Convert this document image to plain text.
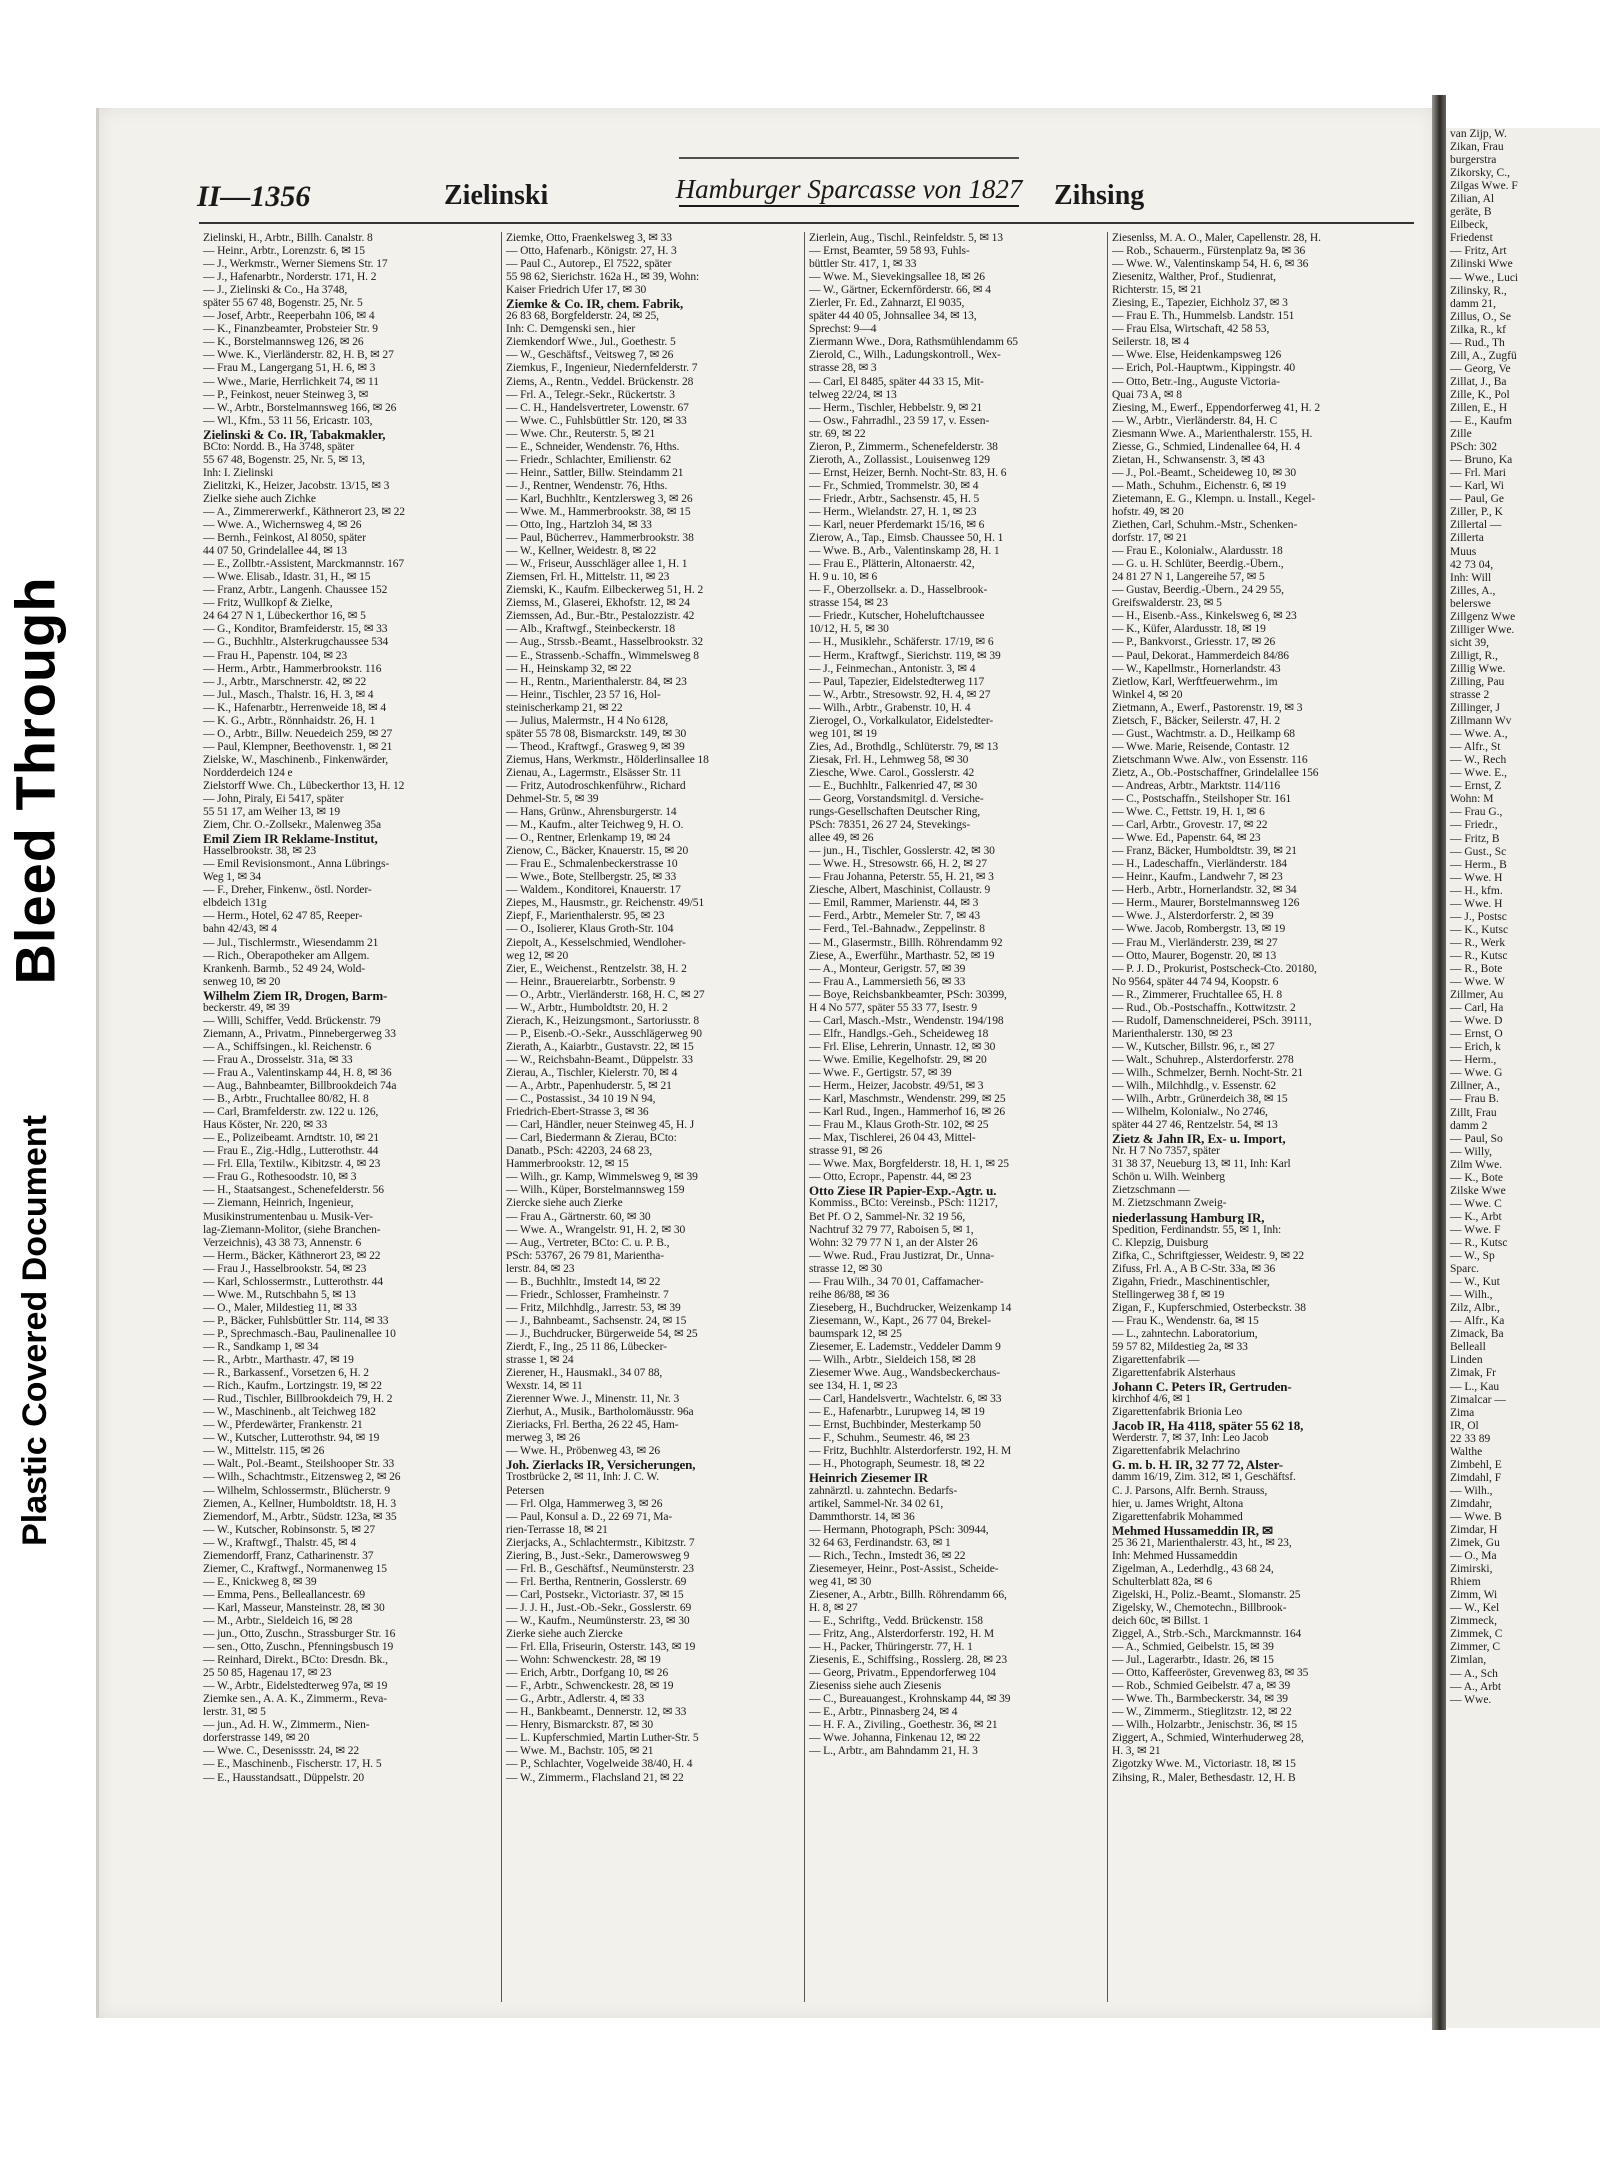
Bleed Through
Plastic Covered Document
II—1356	Zielinski	Hamburger Sparcasse von 1827 Zihsing

Zielinski, H., Arbtr., Billh. Canalstr. 8

— Heinr., Arbtr., Lorenzstr. 6, ✉ 15

— J., Werkmstr., Werner Siemens Str. 17

— J., Hafenarbtr., Norderstr. 171, H. 2

— J., Zielinski & Co., Ha 3748,

später 55 67 48, Bogenstr. 25, Nr. 5

— Josef, Arbtr., Reeperbahn 106, ✉ 4

— K., Finanzbeamter, Probsteier Str. 9

— K., Borstelmannsweg 126, ✉ 26

— Wwe. K., Vierländerstr. 82, H. B, ✉ 27

— Frau M., Langergang 51, H. 6, ✉ 3

— Wwe., Marie, Herrlichkeit 74, ✉ 11

— P., Feinkost, neuer Steinweg 3, ✉

— W., Arbtr., Borstelmannsweg 166, ✉ 26

— Wl., Kfm., 53 11 56, Ericastr. 103,

Zielinski & Co. IR, Tabakmakler,

BCto: Nordd. B., Ha 3748, später

55 67 48, Bogenstr. 25, Nr. 5, ✉ 13,

Inh: I. Zielinski

Zielitzki, K., Heizer, Jacobstr. 13/15, ✉ 3

Zielke siehe auch Zichke

— A., Zimmererwerkf., Käthnerort 23, ✉ 22

— Wwe. A., Wichernsweg 4, ✉ 26

— Bernh., Feinkost, Al 8050, später

44 07 50, Grindelallee 44, ✉ 13

— E., Zollbtr.-Assistent, Marckmannstr. 167

— Wwe. Elisab., Idastr. 31, H., ✉ 15

— Franz, Arbtr., Langenh. Chaussee 152

— Fritz, Wullkopf & Zielke,

24 64 27 N 1, Lübeckerthor 16, ✉ 5

— G., Konditor, Bramfeiderstr. 15, ✉ 33

— G., Buchhltr., Alsterkrugchaussee 534

— Frau H., Papenstr. 104, ✉ 23

— Herm., Arbtr., Hammerbrookstr. 116

— J., Arbtr., Marschnerstr. 42, ✉ 22

— Jul., Masch., Thalstr. 16, H. 3, ✉ 4

— K., Hafenarbtr., Herrenweide 18, ✉ 4

— K. G., Arbtr., Rönnhaidstr. 26, H. 1

— O., Arbtr., Billw. Neuedeich 259, ✉ 27

— Paul, Klempner, Beethovenstr. 1, ✉ 21

Zielske, W., Maschinenb., Finkenwärder,

Nordderdeich 124 e

Zielstorff Wwe. Ch., Lübeckerthor 13, H. 12

— John, Piraly, Ei 5417, später

55 51 17, am Weiher 13, ✉ 19

Ziem, Chr. O.-Zollsekr., Malenweg 35a

Emil Ziem IR Reklame-Institut,

Hasselbrookstr. 38, ✉ 23

— Emil Revisionsmont., Anna Lübrings-

Weg 1, ✉ 34

— F., Dreher, Finkenw., östl. Norder-

elbdeich 131g

— Herm., Hotel, 62 47 85, Reeper-

bahn 42/43, ✉ 4

— Jul., Tischlermstr., Wiesendamm 21

— Rich., Oberapotheker am Allgem.

Krankenh. Barmb., 52 49 24, Wold-

senweg 10, ✉ 20

Wilhelm Ziem IR, Drogen, Barm-

beckerstr. 49, ✉ 39

— Willi, Schiffer, Vedd. Brückenstr. 79

Ziemann, A., Privatm., Pinnebergerweg 33

— A., Schiffsingen., kl. Reichenstr. 6

— Frau A., Drosselstr. 31a, ✉ 33

— Frau A., Valentinskamp 44, H. 8, ✉ 36

— Aug., Bahnbeamter, Billbrookdeich 74a

— B., Arbtr., Fruchtallee 80/82, H. 8

— Carl, Bramfelderstr. zw. 122 u. 126,

Haus Köster, Nr. 220, ✉ 33

— E., Polizeibeamt. Arndtstr. 10, ✉ 21

— Frau E., Zig.-Hdlg., Lutterothstr. 44

— Frl. Ella, Textilw., Kibitzstr. 4, ✉ 23

— Frau G., Rothesoodstr. 10, ✉ 3

— H., Staatsangest., Schenefelderstr. 56

— Ziemann, Heinrich, Ingenieur,

Musikinstrumentenbau u. Musik-Ver-

lag-Ziemann-Molitor, (siehe Branchen-

Verzeichnis), 43 38 73, Annenstr. 6

— Herm., Bäcker, Käthnerort 23, ✉ 22

— Frau J., Hasselbrookstr. 54, ✉ 23

— Karl, Schlossermstr., Lutterothstr. 44

— Wwe. M., Rutschbahn 5, ✉ 13

— O., Maler, Mildestieg 11, ✉ 33

— P., Bäcker, Fuhlsbüttler Str. 114, ✉ 33

— P., Sprechmasch.-Bau, Paulinenallee 10

— R., Sandkamp 1, ✉ 34

— R., Arbtr., Marthastr. 47, ✉ 19

— R., Barkassenf., Vorsetzen 6, H. 2

— Rich., Kaufm., Lortzingstr. 19, ✉ 22

— Rud., Tischler, Billbrookdeich 79, H. 2

— W., Maschinenb., alt Teichweg 182

— W., Pferdewärter, Frankenstr. 21

— W., Kutscher, Lutterothstr. 94, ✉ 19

— W., Mittelstr. 115, ✉ 26

— Walt., Pol.-Beamt., Steilshooper Str. 33

— Wilh., Schachtmstr., Eitzensweg 2, ✉ 26

— Wilhelm, Schlossermstr., Blücherstr. 9

Ziemen, A., Kellner, Humboldtstr. 18, H. 3

Ziemendorf, M., Arbtr., Südstr. 123a, ✉ 35

— W., Kutscher, Robinsonstr. 5, ✉ 27

— W., Kraftwgf., Thalstr. 45, ✉ 4

Ziemendorff, Franz, Catharinenstr. 37

Ziemer, C., Kraftwgf., Normanenweg 15

— E., Knickweg 8, ✉ 39

— Emma, Pens., Belleallancestr. 69

— Karl, Masseur, Mansteinstr. 28, ✉ 30

— M., Arbtr., Sieldeich 16, ✉ 28

— jun., Otto, Zuschn., Strassburger Str. 16

— sen., Otto, Zuschn., Pfenningsbusch 19

— Reinhard, Direkt., BCto: Dresdn. Bk.,

25 50 85, Hagenau 17, ✉ 23

— W., Arbtr., Eidelstedterweg 97a, ✉ 19

Ziemke sen., A. A. K., Zimmerm., Reva-

lerstr. 31, ✉ 5

— jun., Ad. H. W., Zimmerm., Nien-

dorferstrasse 149, ✉ 20

— Wwe. C., Desenissstr. 24, ✉ 22

— E., Maschinenb., Fischerstr. 17, H. 5

— E., Hausstandsatt., Düppelstr. 20

Ziemke, Otto, Fraenkelsweg 3, ✉ 33

— Otto, Hafenarb., Königstr. 27, H. 3

— Paul C., Autorep., El 7522, später

55 98 62, Sierichstr. 162a H., ✉ 39, Wohn:

Kaiser Friedrich Ufer 17, ✉ 30

Ziemke & Co. IR, chem. Fabrik,

26 83 68, Borgfelderstr. 24, ✉ 25,

Inh: C. Demgenski sen., hier

Ziemkendorf Wwe., Jul., Goethestr. 5

— W., Geschäftsf., Veitsweg 7, ✉ 26

Ziemkus, F., Ingenieur, Niedernfelderstr. 7

Ziems, A., Rentn., Veddel. Brückenstr. 28

— Frl. A., Telegr.-Sekr., Rückertstr. 3

— C. H., Handelsvertreter, Lowenstr. 67

— Wwe. C., Fuhlsbüttler Str. 120, ✉ 33

— Wwe. Chr., Reuterstr. 5, ✉ 21

— E., Schneider, Wendenstr. 76, Hths.

— Friedr., Schlachter, Emilienstr. 62

— Heinr., Sattler, Billw. Steindamm 21

— J., Rentner, Wendenstr. 76, Hths.

— Karl, Buchhltr., Kentzlersweg 3, ✉ 26

— Wwe. M., Hammerbrookstr. 38, ✉ 15

— Otto, Ing., Hartzloh 34, ✉ 33

— Paul, Bücherrev., Hammerbrookstr. 38

— W., Kellner, Weidestr. 8, ✉ 22

— W., Friseur, Ausschläger allee 1, H. 1

Ziemsen, Frl. H., Mittelstr. 11, ✉ 23

Ziemski, K., Kaufm. Eilbeckerweg 51, H. 2

Ziemss, M., Glaserei, Ekhofstr. 12, ✉ 24

Ziemssen, Ad., Bur.-Btr., Pestalozzistr. 42

— Alb., Kraftwgf., Steinbeckerstr. 18

— Aug., Strssb.-Beamt., Hasselbrookstr. 32

— E., Strassenb.-Schaffn., Wimmelsweg 8

— H., Heinskamp 32, ✉ 22

— H., Rentn., Marienthalerstr. 84, ✉ 23

— Heinr., Tischler, 23 57 16, Hol-

steinischerkamp 21, ✉ 22

— Julius, Malermstr., H 4 No 6128,

später 55 78 08, Bismarckstr. 149, ✉ 30

— Theod., Kraftwgf., Grasweg 9, ✉ 39

Ziemus, Hans, Werkmstr., Hölderlinsallee 18

Zienau, A., Lagermstr., Elsässer Str. 11

— Fritz, Autodroschkenführw., Richard

Dehmel-Str. 5, ✉ 39

— Hans, Grünw., Ahrensburgerstr. 14

— M., Kaufm., alter Teichweg 9, H. O.

— O., Rentner, Erlenkamp 19, ✉ 24

Zienow, C., Bäcker, Knauerstr. 15, ✉ 20

— Frau E., Schmalenbeckerstrasse 10

— Wwe., Bote, Stellbergstr. 25, ✉ 33

— Waldem., Konditorei, Knauerstr. 17

Ziepes, M., Hausmstr., gr. Reichenstr. 49/51

Ziepf, F., Marienthalerstr. 95, ✉ 23

— O., Isolierer, Klaus Groth-Str. 104

Ziepolt, A., Kesselschmied, Wendloher-

weg 12, ✉ 20

Zier, E., Weichenst., Rentzelstr. 38, H. 2

— Heinr., Brauereiarbtr., Sorbenstr. 9

— O., Arbtr., Vierländerstr. 168, H. C, ✉ 27

— W., Arbtr., Humboldtstr. 20, H. 2

Zierach, K., Heizungsmont., Sartoriusstr. 8

— P., Eisenb.-O.-Sekr., Ausschlägerweg 90

Zierath, A., Kaiarbtr., Gustavstr. 22, ✉ 15

— W., Reichsbahn-Beamt., Düppelstr. 33

Zierau, A., Tischler, Kielerstr. 70, ✉ 4

— A., Arbtr., Papenhuderstr. 5, ✉ 21

— C., Postassist., 34 10 19 N 94,

Friedrich-Ebert-Strasse 3, ✉ 36

— Carl, Händler, neuer Steinweg 45, H. J

— Carl, Biedermann & Zierau, BCto:

Danatb., PSch: 42203, 24 68 23,

Hammerbrookstr. 12, ✉ 15

— Wilh., gr. Kamp, Wimmelsweg 9, ✉ 39

— Wilh., Küper, Borstelmannsweg 159

Ziercke siehe auch Zierke

— Frau A., Gärtnerstr. 60, ✉ 30

— Wwe. A., Wrangelstr. 91, H. 2, ✉ 30

— Aug., Vertreter, BCto: C. u. P. B.,

PSch: 53767, 26 79 81, Marientha-

lerstr. 84, ✉ 23

— B., Buchhltr., Imstedt 14, ✉ 22

— Friedr., Schlosser, Framheinstr. 7

— Fritz, Milchhdlg., Jarrestr. 53, ✉ 39

— J., Bahnbeamt., Sachsenstr. 24, ✉ 15

— J., Buchdrucker, Bürgerweide 54, ✉ 25

Zierdt, F., Ing., 25 11 86, Lübecker-

strasse 1, ✉ 24

Zierener, H., Hausmakl., 34 07 88,

Wexstr. 14, ✉ 11

Zierenner Wwe. J., Minenstr. 11, Nr. 3

Zierhut, A., Musik., Bartholomäusstr. 96a

Zieriacks, Frl. Bertha, 26 22 45, Ham-

merweg 3, ✉ 26

— Wwe. H., Pröbenweg 43, ✉ 26

Joh. Zierlacks IR, Versicherungen,

Trostbrücke 2, ✉ 11, Inh: J. C. W.

Petersen

— Frl. Olga, Hammerweg 3, ✉ 26

— Paul, Konsul a. D., 22 69 71, Ma-

rien-Terrasse 18, ✉ 21

Zierjacks, A., Schlachtermstr., Kibitzstr. 7

Ziering, B., Just.-Sekr., Damerowsweg 9

— Frl. B., Geschäftsf., Neumünsterstr. 23

— Frl. Bertha, Rentnerin, Gosslerstr. 69

— Carl, Postsekr., Victoriastr. 37, ✉ 15

— J. J. H., Just.-Ob.-Sekr., Gosslerstr. 69

— W., Kaufm., Neumünsterstr. 23, ✉ 30

Zierke siehe auch Ziercke

— Frl. Ella, Friseurin, Osterstr. 143, ✉ 19

— Wohn: Schwenckestr. 28, ✉ 19

— Erich, Arbtr., Dorfgang 10, ✉ 26

— F., Arbtr., Schwenckestr. 28, ✉ 19

— G., Arbtr., Adlerstr. 4, ✉ 33

— H., Bankbeamt., Dennerstr. 12, ✉ 33

— Henry, Bismarckstr. 87, ✉ 30

— L. Kupferschmied, Martin Luther-Str. 5

— Wwe. M., Bachstr. 105, ✉ 21

— P., Schlachter, Vogelweide 38/40, H. 4

— W., Zimmerm., Flachsland 21, ✉ 22

Zierlein, Aug., Tischl., Reinfeldstr. 5, ✉ 13

— Ernst, Beamter, 59 58 93, Fuhls-

büttler Str. 417, 1, ✉ 33

— Wwe. M., Sievekingsallee 18, ✉ 26

— W., Gärtner, Eckernförderstr. 66, ✉ 4

Zierler, Fr. Ed., Zahnarzt, El 9035,

später 44 40 05, Johnsallee 34, ✉ 13,

Sprechst: 9—4

Ziermann Wwe., Dora, Rathsmühlendamm 65

Zierold, C., Wilh., Ladungskontroll., Wex-

strasse 28, ✉ 3

— Carl, El 8485, später 44 33 15, Mit-

telweg 22/24, ✉ 13

— Herm., Tischler, Hebbelstr. 9, ✉ 21

— Osw., Fahrradhl., 23 59 17, v. Essen-

str. 69, ✉ 22

Zieron, P., Zimmerm., Schenefelderstr. 38

Zieroth, A., Zollassist., Louisenweg 129

— Ernst, Heizer, Bernh. Nocht-Str. 83, H. 6

— Fr., Schmied, Trommelstr. 30, ✉ 4

— Friedr., Arbtr., Sachsenstr. 45, H. 5

— Herm., Wielandstr. 27, H. 1, ✉ 23

— Karl, neuer Pferdemarkt 15/16, ✉ 6

Zierow, A., Tap., Eimsb. Chaussee 50, H. 1

— Wwe. B., Arb., Valentinskamp 28, H. 1

— Frau E., Plätterin, Altonaerstr. 42,

H. 9 u. 10, ✉ 6

— F., Oberzollsekr. a. D., Hasselbrook-

strasse 154, ✉ 23

— Friedr., Kutscher, Hoheluftchaussee

10/12, H. 5, ✉ 30

— H., Musiklehr., Schäferstr. 17/19, ✉ 6

— Herm., Kraftwgf., Sierichstr. 119, ✉ 39

— J., Feinmechan., Antonistr. 3, ✉ 4

— Paul, Tapezier, Eidelstedterweg 117

— W., Arbtr., Stresowstr. 92, H. 4, ✉ 27

— Wilh., Arbtr., Grabenstr. 10, H. 4

Zierogel, O., Vorkalkulator, Eidelstedter-

weg 101, ✉ 19

Zies, Ad., Brothdlg., Schlüterstr. 79, ✉ 13

Ziesak, Frl. H., Lehmweg 58, ✉ 30

Ziesche, Wwe. Carol., Gosslerstr. 42

— E., Buchhltr., Falkenried 47, ✉ 30

— Georg, Vorstandsmitgl. d. Versiche-

rungs-Gesellschaften Deutscher Ring,

PSch: 78351, 26 27 24, Stevekings-

allee 49, ✉ 26

— jun., H., Tischler, Gosslerstr. 42, ✉ 30

— Wwe. H., Stresowstr. 66, H. 2, ✉ 27

— Frau Johanna, Peterstr. 55, H. 21, ✉ 3

Ziesche, Albert, Maschinist, Collaustr. 9

— Emil, Rammer, Marienstr. 44, ✉ 3

— Ferd., Arbtr., Memeler Str. 7, ✉ 43

— Ferd., Tel.-Bahnadw., Zeppelinstr. 8

— M., Glasermstr., Billh. Röhrendamm 92

Ziese, A., Ewerführ., Marthastr. 52, ✉ 19

— A., Monteur, Gerigstr. 57, ✉ 39

— Frau A., Lammersieth 56, ✉ 33

— Boye, Reichsbankbeamter, PSch: 30399,

H 4 No 577, später 55 33 77, Isestr. 9

— Carl, Masch.-Mstr., Wendenstr. 194/198

— Elfr., Handlgs.-Geh., Scheideweg 18

— Frl. Elise, Lehrerin, Unnastr. 12, ✉ 30

— Wwe. Emilie, Kegelhofstr. 29, ✉ 20

— Wwe. F., Gertigstr. 57, ✉ 39

— Herm., Heizer, Jacobstr. 49/51, ✉ 3

— Karl, Maschmstr., Wendenstr. 299, ✉ 25

— Karl Rud., Ingen., Hammerhof 16, ✉ 26

— Frau M., Klaus Groth-Str. 102, ✉ 25

— Max, Tischlerei, 26 04 43, Mittel-

strasse 91, ✉ 26

— Wwe. Max, Borgfelderstr. 18, H. 1, ✉ 25

— Otto, Ecropr., Papenstr. 44, ✉ 23

Otto Ziese IR Papier-Exp.-Agtr. u.

Kommiss., BCto: Vereinsb., PSch: 11217,

Bet Pf. O 2, Sammel-Nr. 32 19 56,

Nachtruf 32 79 77, Raboisen 5, ✉ 1,

Wohn: 32 79 77 N 1, an der Alster 26

— Wwe. Rud., Frau Justizrat, Dr., Unna-

strasse 12, ✉ 30

— Frau Wilh., 34 70 01, Caffamacher-

reihe 86/88, ✉ 36

Zieseberg, H., Buchdrucker, Weizenkamp 14

Ziesemann, W., Kapt., 26 77 04, Brekel-

baumspark 12, ✉ 25

Ziesemer, E. Lademstr., Veddeler Damm 9

— Wilh., Arbtr., Sieldeich 158, ✉ 28

Ziesemer Wwe. Aug., Wandsbeckerchaus-

see 134, H. 1, ✉ 23

— Carl, Handelsvertr., Wachtelstr. 6, ✉ 33

— E., Hafenarbtr., Lurupweg 14, ✉ 19

— Ernst, Buchbinder, Mesterkamp 50

— F., Schuhm., Seumestr. 46, ✉ 23

— Fritz, Buchhltr. Alsterdorferstr. 192, H. M

— H., Photograph, Seumestr. 18, ✉ 22

Heinrich Ziesemer IR

zahnärztl. u. zahntechn. Bedarfs-

artikel, Sammel-Nr. 34 02 61,

Dammthorstr. 14, ✉ 36

— Hermann, Photograph, PSch: 30944,

32 64 63, Ferdinandstr. 63, ✉ 1

— Rich., Techn., Imstedt 36, ✉ 22

Ziesemeyer, Heinr., Post-Assist., Scheide-

weg 41, ✉ 30

Ziesener, A., Arbtr., Billh. Röhrendamm 66,

H. 8, ✉ 27

— E., Schriftg., Vedd. Brückenstr. 158

— Fritz, Ang., Alsterdorferstr. 192, H. M

— H., Packer, Thüringerstr. 77, H. 1

Ziesenis, E., Schiffsing., Rosslerg. 28, ✉ 23

— Georg, Privatm., Eppendorferweg 104

Zieseniss siehe auch Ziesenis

— C., Bureauangest., Krohnskamp 44, ✉ 39

— E., Arbtr., Pinnasberg 24, ✉ 4

— H. F. A., Ziviling., Goethestr. 36, ✉ 21

— Wwe. Johanna, Finkenau 12, ✉ 22

— L., Arbtr., am Bahndamm 21, H. 3

Ziesenlss, M. A. O., Maler, Capellenstr. 28, H.

— Rob., Schauerm., Fürstenplatz 9a, ✉ 36

— Wwe. W., Valentinskamp 54, H. 6, ✉ 36

Ziesenitz, Walther, Prof., Studienrat,

Richterstr. 15, ✉ 21

Ziesing, E., Tapezier, Eichholz 37, ✉ 3

— Frau E. Th., Hummelsb. Landstr. 151

— Frau Elsa, Wirtschaft, 42 58 53,

Seilerstr. 18, ✉ 4

— Wwe. Else, Heidenkampsweg 126

— Erich, Pol.-Hauptwm., Kippingstr. 40

— Otto, Betr.-Ing., Auguste Victoria-

Quai 73 A, ✉ 8

Ziesing, M., Ewerf., Eppendorferweg 41, H. 2

— W., Arbtr., Vierländerstr. 84, H. C

Ziesmann Wwe. A., Marienthalerstr. 155, H.

Ziesse, G., Schmied, Lindenallee 64, H. 4

Zietan, H., Schwansenstr. 3, ✉ 43

— J., Pol.-Beamt., Scheideweg 10, ✉ 30

— Math., Schuhm., Eichenstr. 6, ✉ 19

Zietemann, E. G., Klempn. u. Install., Kegel-

hofstr. 49, ✉ 20

Ziethen, Carl, Schuhm.-Mstr., Schenken-

dorfstr. 17, ✉ 21

— Frau E., Kolonialw., Alardusstr. 18

— G. u. H. Schlüter, Beerdig.-Übern.,

24 81 27 N 1, Langereihe 57, ✉ 5

— Gustav, Beerdig.-Übern., 24 29 55,

Greifswalderstr. 23, ✉ 5

— H., Eisenb.-Ass., Kinkelsweg 6, ✉ 23

— K., Küfer, Alardusstr. 18, ✉ 19

— P., Bankvorst., Griesstr. 17, ✉ 26

— Paul, Dekorat., Hammerdeich 84/86

— W., Kapellmstr., Hornerlandstr. 43

Zietlow, Karl, Werftfeuerwehrm., im

Winkel 4, ✉ 20

Zietmann, A., Ewerf., Pastorenstr. 19, ✉ 3

Zietsch, F., Bäcker, Seilerstr. 47, H. 2

— Gust., Wachtmstr. a. D., Heilkamp 68

— Wwe. Marie, Reisende, Contastr. 12

Zietschmann Wwe. Alw., von Essenstr. 116

Zietz, A., Ob.-Postschaffner, Grindelallee 156

— Andreas, Arbtr., Marktstr. 114/116

— C., Postschaffn., Steilshoper Str. 161

— Wwe. C., Fettstr. 19, H. 1, ✉ 6

— Carl, Arbtr., Grovestr. 17, ✉ 22

— Wwe. Ed., Papenstr. 64, ✉ 23

— Franz, Bäcker, Humboldtstr. 39, ✉ 21

— H., Ladeschaffn., Vierländerstr. 184

— Heinr., Kaufm., Landwehr 7, ✉ 23

— Herb., Arbtr., Hornerlandstr. 32, ✉ 34

— Herm., Maurer, Borstelmannsweg 126

— Wwe. J., Alsterdorferstr. 2, ✉ 39

— Wwe. Jacob, Rombergstr. 13, ✉ 19

— Frau M., Vierländerstr. 239, ✉ 27

— Otto, Maurer, Bogenstr. 20, ✉ 13

— P. J. D., Prokurist, Postscheck-Cto. 20180,

No 9564, später 44 74 94, Koopstr. 6

— R., Zimmerer, Fruchtallee 65, H. 8

— Rud., Ob.-Postschaffn., Kottwitzstr. 2

— Rudolf, Damenschneiderei, PSch. 39111,

Marienthalerstr. 130, ✉ 23

— W., Kutscher, Billstr. 96, r., ✉ 27

— Walt., Schuhrep., Alsterdorferstr. 278

— Wilh., Schmelzer, Bernh. Nocht-Str. 21

— Wilh., Milchhdlg., v. Essenstr. 62

— Wilh., Arbtr., Grünerdeich 38, ✉ 15

— Wilhelm, Kolonialw., No 2746,

später 44 27 46, Rentzelstr. 54, ✉ 13

Zietz & Jahn IR, Ex- u. Import,

Nr. H 7 No 7357, später

31 38 37, Neueburg 13, ✉ 11, Inh: Karl

Schön u. Wilh. Weinberg

Zietzschmann —

M. Zietzschmann Zweig-

niederlassung Hamburg IR,

Spedition, Ferdinandstr. 55, ✉ 1, Inh:

C. Klepzig, Duisburg

Zifka, C., Schriftgiesser, Weidestr. 9, ✉ 22

Zifuss, Frl. A., A B C-Str. 33a, ✉ 36

Zigahn, Friedr., Maschinentischler,

Stellingerweg 38 f, ✉ 19

Zigan, F., Kupferschmied, Osterbeckstr. 38

— Frau K., Wendenstr. 6a, ✉ 15

— L., zahntechn. Laboratorium,

59 57 82, Mildestieg 2a, ✉ 33

Zigarettenfabrik —

Zigarettenfabrik Alsterhaus

Johann C. Peters IR, Gertruden-

kirchhof 4/6, ✉ 1

Zigarettenfabrik Brionia Leo

Jacob IR, Ha 4118, später 55 62 18,

Werderstr. 7, ✉ 37, Inh: Leo Jacob

Zigarettenfabrik Melachrino

G. m. b. H. IR, 32 77 72, Alster-

damm 16/19, Zim. 312, ✉ 1, Geschäftsf.

C. J. Parsons, Alfr. Bernh. Strauss,

hier, u. James Wright, Altona

Zigarettenfabrik Mohammed

Mehmed Hussameddin IR, ✉

25 36 21, Marienthalerstr. 43, ht., ✉ 23,

Inh: Mehmed Hussameddin

Zigelman, A., Lederhdlg., 43 68 24,

Schulterblatt 82a, ✉ 6

Zigelski, H., Poliz.-Beamt., Slomanstr. 25

Zigelsky, W., Chemotechn., Billbrook-

deich 60c, ✉ Billst. 1

Ziggel, A., Strb.-Sch., Marckmannstr. 164

— A., Schmied, Geibelstr. 15, ✉ 39

— Jul., Lagerarbtr., Idastr. 26, ✉ 15

— Otto, Kaffeeröster, Grevenweg 83, ✉ 35

— Rob., Schmied Geibelstr. 47 a, ✉ 39

— Wwe. Th., Barmbeckerstr. 34, ✉ 39

— W., Zimmerm., Stieglitzstr. 12, ✉ 22

— Wilh., Holzarbtr., Jenischstr. 36, ✉ 15

Ziggert, A., Schmied, Winterhuderweg 28,

H. 3, ✉ 21

Zigotzky Wwe. M., Victoriastr. 18, ✉ 15

Zihsing, R., Maler, Bethesdastr. 12, H. B

van Zijp, W.

Zikan, Frau

burgerstra

Zikorsky, C.,

Zilgas Wwe. F

Zilian, Al

geräte, B

Eilbeck,

Friedenst

— Fritz, Art

Zilinski Wwe

— Wwe., Luci

Zilinsky, R.,

damm 21,

Zillus, O., Se

Zilka, R., kf

— Rud., Th

Zill, A., Zugfü

— Georg, Ve

Zillat, J., Ba

Zille, K., Pol

Zillen, E., H

— E., Kaufm

Zille

PSch: 302

— Bruno, Ka

— Frl. Mari

— Karl, Wi

— Paul, Ge

Ziller, P., K

Zillertal —

Zillerta

Muus

42 73 04,

Inh: Will

Zilles, A.,

belerswe

Zillgenz Wwe

Zilliger Wwe.

sicht 39,

Zilligt, R.,

Zillig Wwe.

Zilling, Pau

strasse 2

Zillinger, J

Zillmann Wv

— Wwe. A.,

— Alfr., St

— W., Rech

— Wwe. E.,

— Ernst, Z

Wohn: M

— Frau G.,

— Friedr.,

— Fritz, B

— Gust., Sc

— Herm., B

— Wwe. H

— H., kfm.

— Wwe. H

— J., Postsc

— K., Kutsc

— R., Werk

— R., Kutsc

— R., Bote

— Wwe. W

Zillmer, Au

— Carl, Ha

— Wwe. D

— Ernst, O

— Erich, k

— Herm.,

— Wwe. G

Zillner, A.,

— Frau B.

Zillt, Frau

damm 2

— Paul, So

— Willy,

Zilm Wwe.

— K., Bote

Zilske Wwe

— Wwe. C

— K., Arbt

— Wwe. F

— R., Kutsc

— W., Sp

Sparc.

— W., Kut

— Wilh.,

Zilz, Albr.,

— Alfr., Ka

Zimack, Ba

Belleall

Linden

Zimak, Fr

— L., Kau

Zimalcar —

Zima

IR, Ol

22 33 89

Walthe

Zimbehl, E

Zimdahl, F

— Wilh.,

Zimdahr,

— Wwe. B

Zimdar, H

Zimek, Gu

— O., Ma

Zimirski,

Rhiem

Zimm, Wi

— W., Kel

Zimmeck,

Zimmek, C

Zimmer, C

Zimlan,

— A., Sch

— A., Arbt

— Wwe.
